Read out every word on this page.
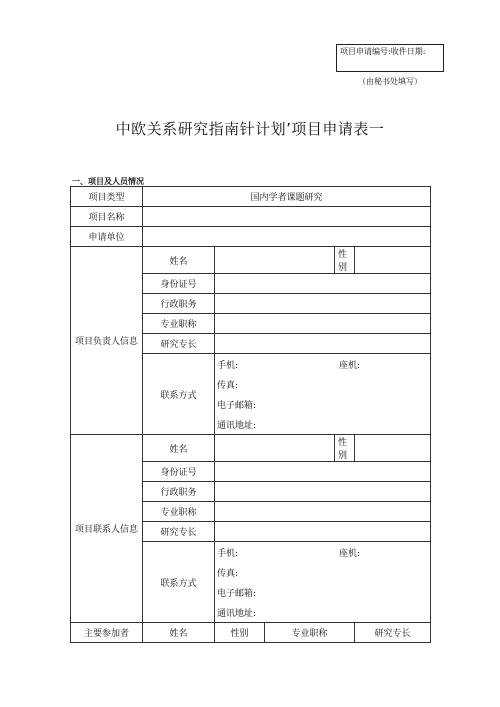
项目申请编号:收件日期:
（由秘书处填写）
中欧关系研究指南针计划’项目申请表一
一、项目及人员情况
项目类型	国内学者课题研究				
项目名称					
申请单位					
项目负责人信息	姓名			性别	
	身份证号				
	行政职务				
	专业职称				
	研究专长				
	联系方式	手机: 座机:
传真:
电子邮箱:
通讯地址:			

项目联系人信息	姓名			性别	
	身份证号				
	行政职务				
	专业职称				
	研究专长				
	联系方式	手机: 座机:
传真:
电子邮箱:
通讯地址:			

主要参加者	姓名	性别	专业职称		研究专长
